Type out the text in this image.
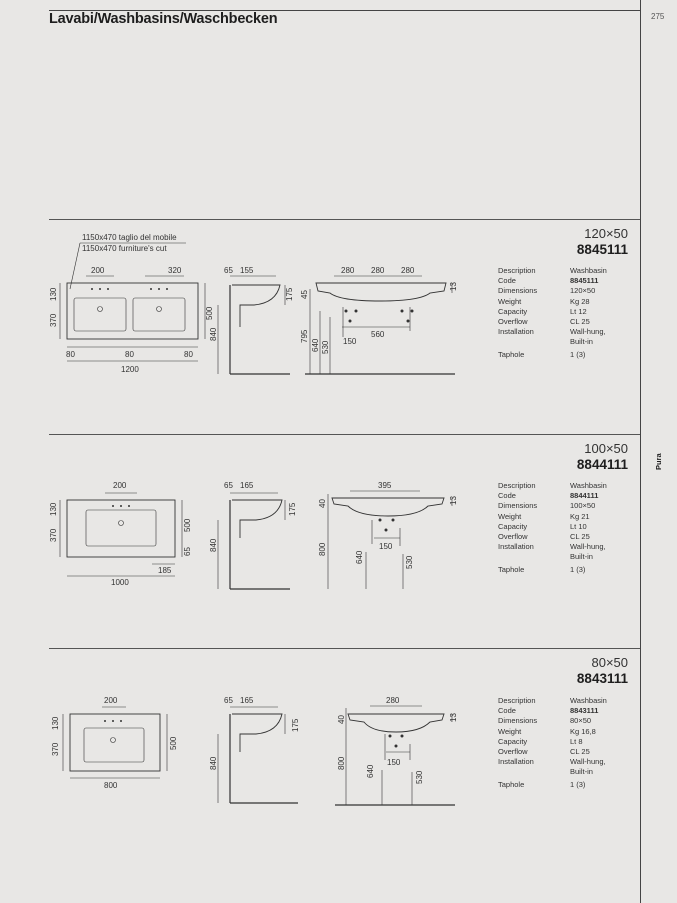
Lavabi/Washbasins/Waschbecken	275
Pura
120×50
8845111
1150x470 taglio del mobile
1150x470 furniture's cut
200	320
130
370
500
80	80	80
1200
65 155
175
840
280 280 280
13
45
795
640 530 150
560
Description	Washbasin
Code	8845111
Dimensions	120×50
Weight	Kg 28
Capacity	Lt 12
Overflow	CL 25
Installation	Wall-hung,
Built-in
Taphole	1 (3)
100×50
8844111
200
130
370
500
65
185
1000
65 165
175
840
395
13
40
800
640	530
150
Description	Washbasin
Code	8844111
Dimensions	100×50
Weight	Kg 21
Capacity	Lt 10
Overflow	CL 25
Installation	Wall-hung,
Built-in
Taphole	1 (3)
80×50
8843111
200
130
370	500
800
65 165
175
840
280
13
40
800
640	530
150
Description	Washbasin
Code	8843111
Dimensions	80×50
Weight	Kg 16,8
Capacity	Lt 8
Overflow	CL 25
Installation	Wall-hung,
Built-in
Taphole	1 (3)
